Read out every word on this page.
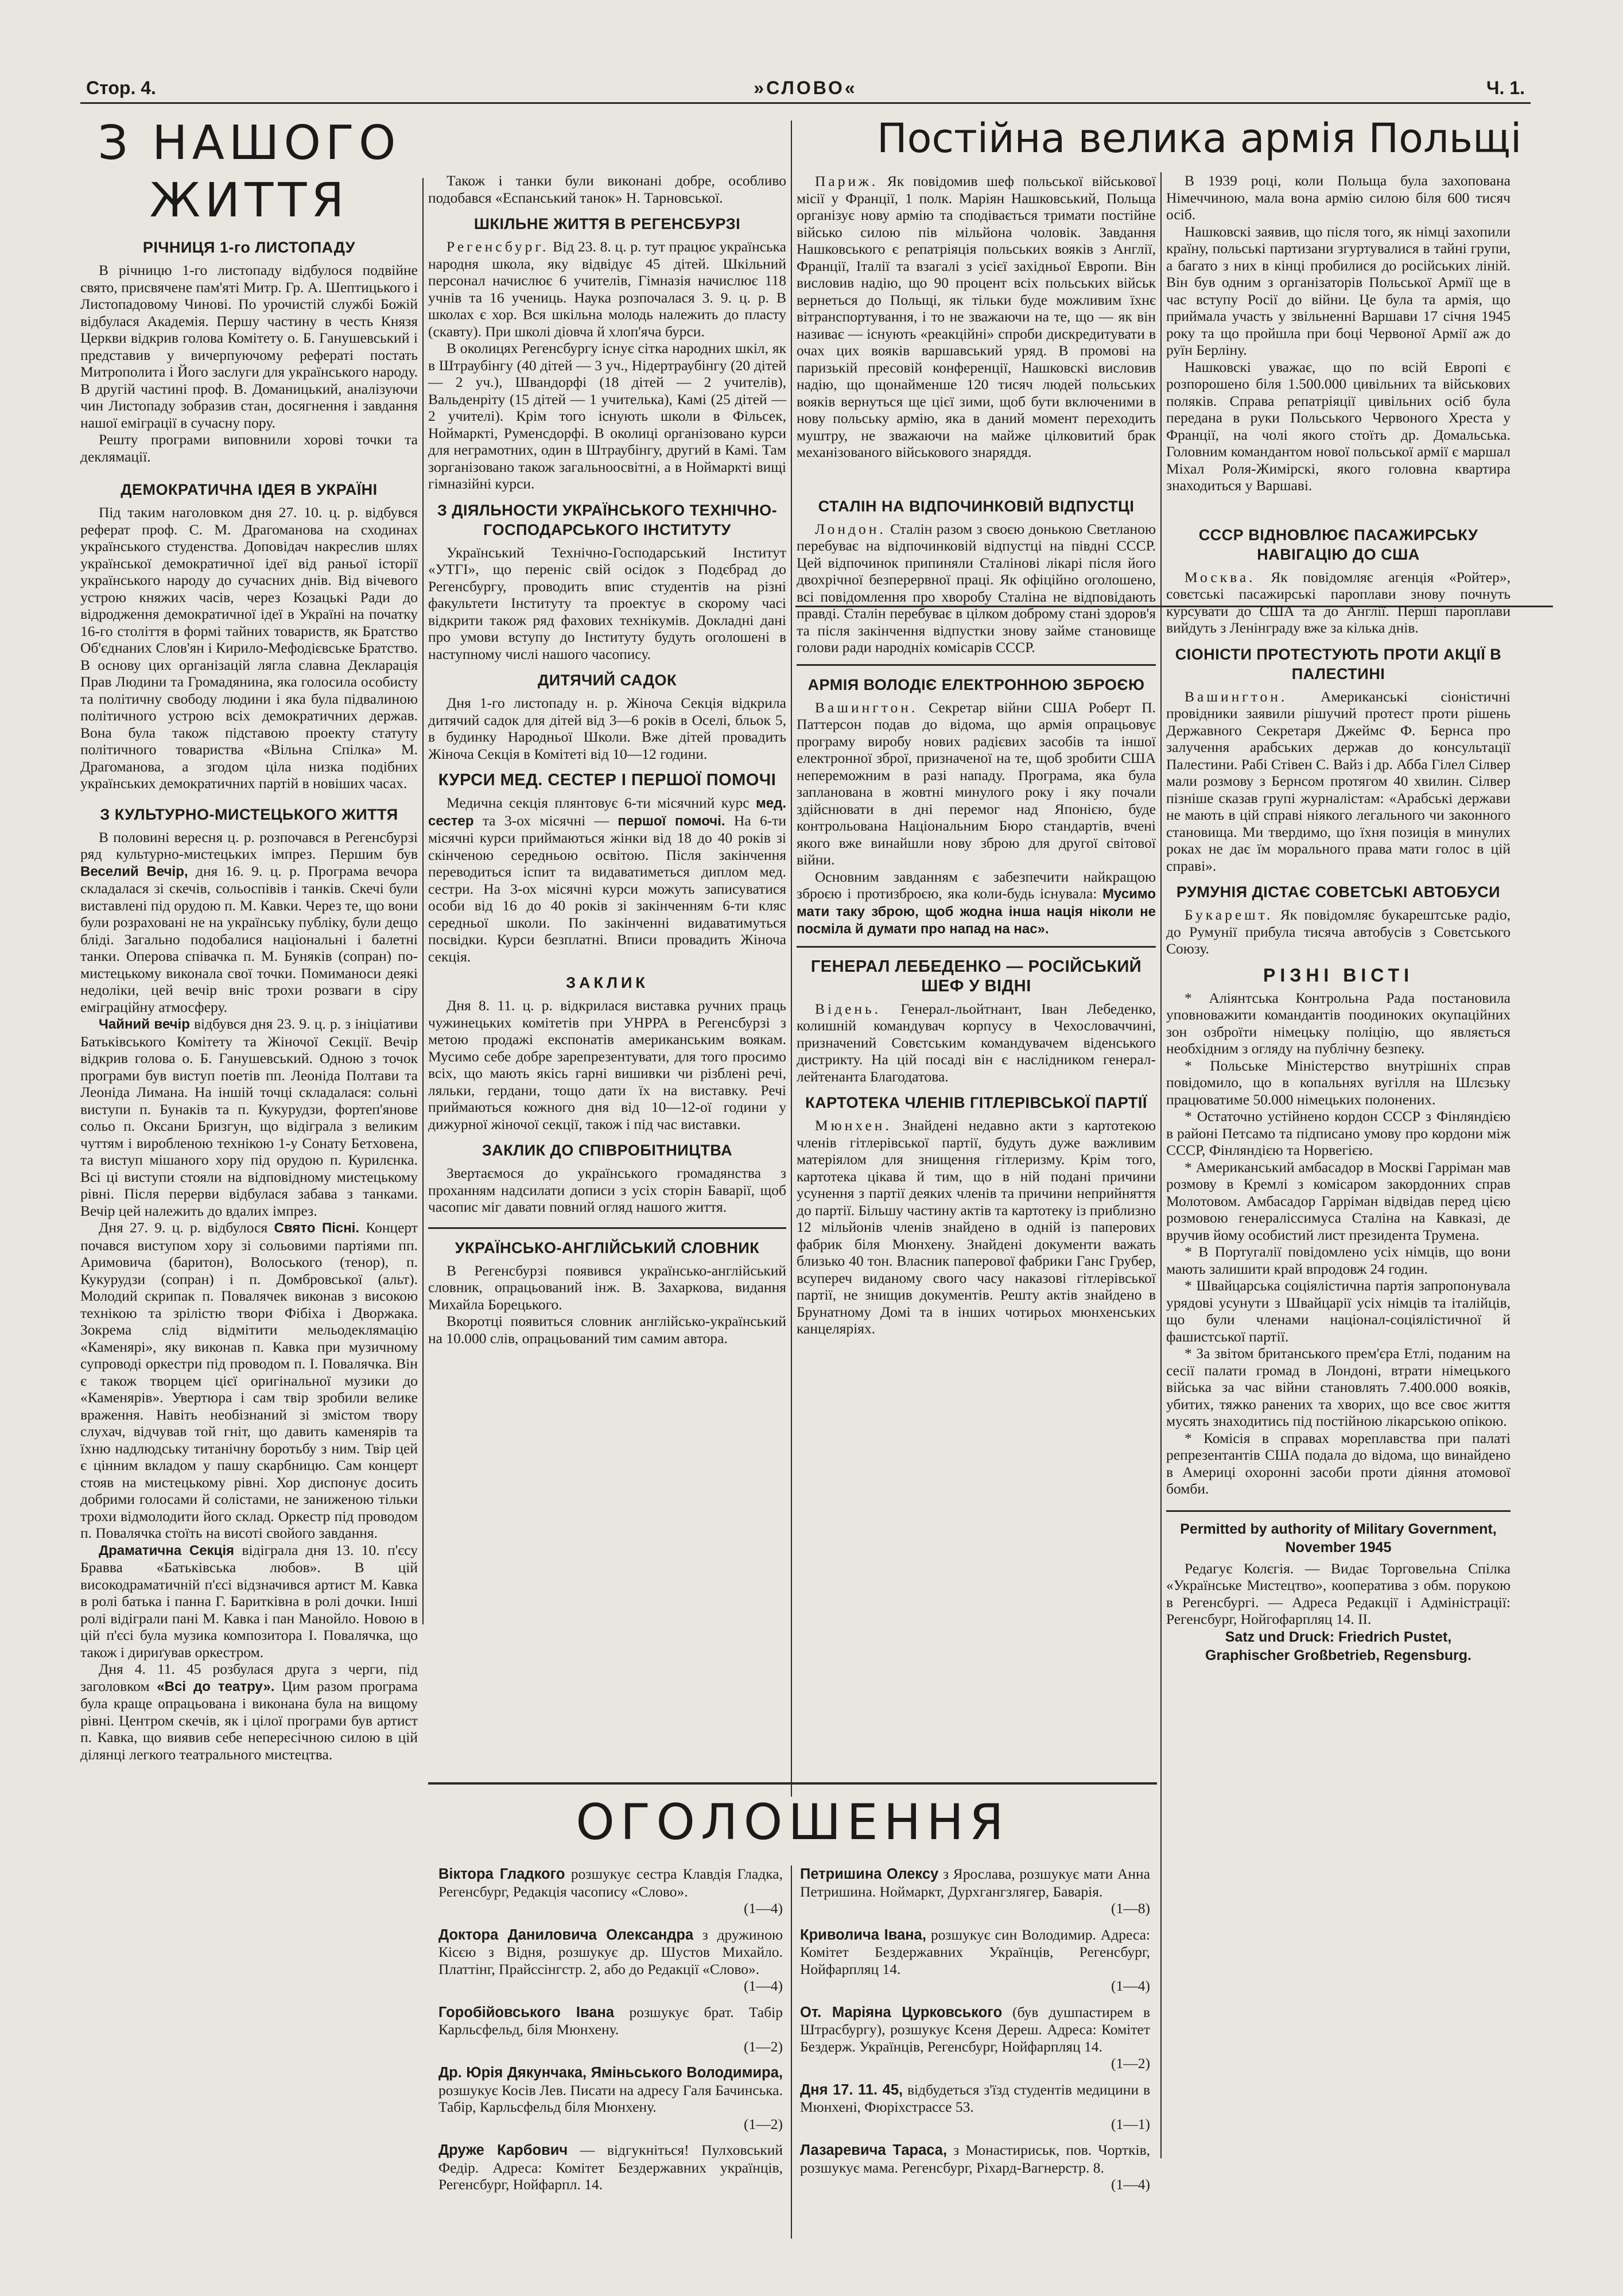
Стор. 4.	»СЛОВО«	Ч. 1.
З НАШОГО ЖИТТЯ
РІЧНИЦЯ 1-го ЛИСТОПАДУ

В річницю 1-го листопаду відбулося подвійне свято, присвячене пам'яті Митр. Гр. А. Шептицького і Листопадовому Чинові. По урочистій службі Божій відбулася Академія. Першу частину в честь Князя Церкви відкрив голова Комітету о. Б. Ганушевський і представив у вичерпуючому рефераті постать Митрополита і Його заслуги для українського народу. В другій частині проф. В. Доманицький, аналізуючи чин Листопаду зобразив стан, досягнення і завдання нашої еміграції в сучасну пору.

Решту програми виповнили хорові точки та деклямації.

ДЕМОКРАТИЧНА ІДЕЯ В УКРАЇНІ

Під таким наголовком дня 27. 10. ц. р. відбувся реферат проф. С. М. Драгоманова на сходинах українського студенства. Доповідач накреслив шлях української демократичної ідеї від раньої історії українського народу до сучасних днів. Від вічевого устрою княжих часів, через Козацькі Ради до відродження демократичної ідеї в Україні на початку 16-го століття в формі тайних товариств, як Братство Об'єднаних Слов'ян і Кирило-Мефодієвське Братство. В основу цих організацій лягла славна Декларація Прав Людини та Громадянина, яка голосила особисту та політичну свободу людини і яка була підвалиною політичного устрою всіх демократичних держав. Вона була також підставою проекту статуту політичного товариства «Вільна Спілка» М. Драгоманова, а згодом ціла низка подібних українських демократичних партій в новіших часах.

З КУЛЬТУРНО-МИСТЕЦЬКОГО ЖИТТЯ

В половині вересня ц. р. розпочався в Регенсбурзі ряд культурно-мистецьких імпрез. Першим був Веселий Вечір, дня 16. 9. ц. р. Програма вечора складалася зі скечів, сольоспівів і танків. Скечі були виставлені під орудою п. М. Кавки. Через те, що вони були розраховані не на українську публіку, були дещо бліді. Загально подобалися національні і балетні танки. Оперова співачка п. М. Буняків (сопран) по-мистецькому виконала свої точки. Помиманоси деякі недоліки, цей вечір вніс трохи розваги в сіру еміграційну атмосферу.

Чайний вечір відбувся дня 23. 9. ц. р. з ініціативи Батьківського Комітету та Жіночої Секції. Вечір відкрив голова о. Б. Ганушевський. Одною з точок програми був виступ поетів пп. Леоніда Полтави та Леоніда Лимана. На іншій точці складалася: сольні виступи п. Бунаків та п. Кукурудзи, фортеп'янове сольо п. Оксани Бризгун, що відіграла з великим чуттям і виробленою технікою 1-у Сонату Бетховена, та виступ мішаного хору під орудою п. Курилєнка. Всі ці виступи стояли на відповідному мистецькому рівні. Після перерви відбулася забава з танками. Вечір цей належить до вдалих імпрез.

Дня 27. 9. ц. р. відбулося Свято Пісні. Концерт почався виступом хору зі сольовими партіями пп. Аримовича (баритон), Волоського (тенор), п. Кукурудзи (сопран) і п. Домбровської (альт). Молодий скрипак п. Повалячек виконав з високою технікою та зрілістю твори Фібіха і Дворжака. Зокрема слід відмітити мельодеклямацію «Каменярі», яку виконав п. Кавка при музичному супроводі оркестри під проводом п. І. Повалячка. Він є також творцем цієї оригінальної музики до «Каменярів». Увертюра і сам твір зробили велике враження. Навіть необізнаний зі змістом твору слухач, відчував той гніт, що давить каменярів та їхню надлюдську титанічну боротьбу з ним. Твір цей є цінним вкладом у пашу скарбницю. Сам концерт стояв на мистецькому рівні. Хор диспонує досить добрими голосами й солістами, не заниженою тільки трохи відмолодити його склад. Оркестр під проводом п. Повалячка стоїть на висоті свойого завдання.

Драматична Секція відіграла дня 13. 10. п'єсу Бравва «Батьківська любов». В цій високодраматичній п'єсі відзначився артист М. Кавка в ролі батька і панна Г. Баритківна в ролі дочки. Інші ролі відіграли пані М. Кавка і пан Манойло. Новою в цій п'єсі була музика композитора І. Повалячка, що також і дириґував оркестром.

Дня 4. 11. 45 розбулася друга з черги, під заголовком «Всі до театру». Цим разом програма була краще опрацьована і виконана була на вищому рівні. Центром скечів, як і цілої програми був артист п. Кавка, що виявив себе непересічною силою в цій ділянці легкого театрального мистецтва.

Також і танки були виконані добре, особливо подобався «Еспанський танок» Н. Тарновської.

ШКІЛЬНЕ ЖИТТЯ В РЕГЕНСБУРЗІ

Регенсбург. Від 23. 8. ц. р. тут працює українська народня школа, яку відвідує 45 дітей. Шкільний персонал начислює 6 учителів, Гімназія начислює 118 учнів та 16 учениць. Наука розпочалася 3. 9. ц. р. В школах є хор. Вся шкільна молодь належить до пласту (скавту). При школі діовча й хлоп'яча бурси.

В околицях Регенсбургу існує сітка народних шкіл, як в Штраубінгу (40 дітей — 3 уч., Нідертраубінгу (20 дітей — 2 уч.), Швандорфі (18 дітей — 2 учителів), Вальденріту (15 дітей — 1 учителька), Камі (25 дітей — 2 учителі). Крім того існують школи в Фільсек, Ноймаркті, Руменсдорфі. В околиці організовано курси для неграмотних, один в Штраубінгу, другий в Камі. Там зорганізовано також загальноосвітні, а в Ноймаркті вищі гімназійні курси.

З ДІЯЛЬНОСТИ УКРАЇНСЬКОГО ТЕХНІЧНО-ГОСПОДАРСЬКОГО ІНСТИТУТУ

Український Технічно-Господарський Інститут «УТГІ», що переніс свій осідок з Подєбрад до Регенсбургу, проводить впис студентів на різні факультети Інституту та проектує в скорому часі відкрити також ряд фахових технікумів. Докладні дані про умови вступу до Інституту будуть оголошені в наступному числі нашого часопису.

ДИТЯЧИЙ САДОК

Дня 1-го листопаду н. р. Жіноча Секція відкрила дитячий садок для дітей від 3—6 років в Оселі, бльок 5, в будинку Народньої Школи. Вже дітей провадить Жіноча Секція в Комітеті від 10—12 години.

КУРСИ МЕД. СЕСТЕР І ПЕРШОЇ ПОМОЧІ

Медична секція плянтовує 6-ти місячний курс мед. сестер та 3-ох місячні — першої помочі. На 6-ти місячні курси приймаються жінки від 18 до 40 років зі скінченою середньою освітою. Після закінчення переводиться іспит та видаватиметься диплом мед. сестри. На 3-ох місячні курси можуть записуватися особи від 16 до 40 років зі закінченням 6-ти кляс середньої школи. По закінченні видаватимуться посвідки. Курси безплатні. Вписи провадить Жіноча секція.

ЗАКЛИК

Дня 8. 11. ц. р. відкрилася виставка ручних праць чужинецьких комітетів при УНРРА в Регенсбурзі з метою продажі експонатів американським воякам. Мусимо себе добре зарепрезентувати, для того просимо всіх, що мають якісь гарні вишивки чи різблені речі, ляльки, гердани, тощо дати їх на виставку. Речі приймаються кожного дня від 10—12-ої години у дижурної жіночої секції, також і під час виставки.

ЗАКЛИК ДО СПІВРОБІТНИЦТВА

Звертаємося до українського громадянства з проханням надсилати дописи з усіх сторін Баварії, щоб часопис міг давати повний огляд нашого життя.

УКРАЇНСЬКО-АНГЛІЙСЬКИЙ СЛОВНИК

В Регенсбурзі появився українсько-англійський словник, опрацьований інж. В. Захаркова, видання Михайла Борецького.

Вкоротці появиться словник англійсько-український на 10.000 слів, опрацьований тим самим автора.

Постійна велика армія Польщі

Париж. Як повідомив шеф польської військової місії у Франції, 1 полк. Маріян Нашковський, Польща організує нову армію та сподівається тримати постійне військо силою пів мільйона чоловік. Завдання Нашковського є репатріяція польських вояків з Англії, Франції, Італії та взагалі з усієї західньої Европи. Він висловив надію, що 90 процент всіх польських військ вернеться до Польщі, як тільки буде можливим їхнє вітранспортування, і то не зважаючи на те, що — як він називає — існують «реакційні» спроби дискредитувати в очах цих вояків варшавський уряд. В промові на паризькій пресовій конференції, Нашковскі висловив надію, що щонайменше 120 тисяч людей польських вояків вернуться ще цієї зими, щоб бути включеними в нову польську армію, яка в даний момент переходить муштру, не зважаючи на майже цілковитий брак механізованого військового знаряддя.

СТАЛІН НА ВІДПОЧИНКОВІЙ ВІДПУСТЦІ

Лондон. Сталін разом з своєю донькою Светланою перебуває на відпочинковій відпустці на півдні СССР. Цей відпочинок припиняли Сталінові лікарі після його двохрічної безперервної праці. Як офіційно оголошено, всі повідомлення про хворобу Сталіна не відповідають правді. Сталін перебуває в цілком доброму стані здоров'я та після закінчення відпустки знову займе становище голови ради народніх комісарів СССР.

АРМІЯ ВОЛОДІЄ ЕЛЕКТРОННОЮ ЗБРОЄЮ

Вашингтон. Секретар війни США Роберт П. Паттерсон подав до відома, що армія опрацьовує програму виробу нових радієвих засобів та іншої електронної зброї, призначеної на те, щоб зробити США непереможним в разі нападу. Програма, яка була запланована в жовтні минулого року і яку почали здійснювати в дні перемог над Японією, буде контрольована Національним Бюро стандартів, вчені якого вже винайшли нову зброю для другої світової війни.

Основним завданням є забезпечити найкращою зброєю і протизброєю, яка коли-будь існувала: Мусимо мати таку зброю, щоб жодна інша нація ніколи не посміла й думати про напад на нас».

ГЕНЕРАЛ ЛЕБЕДЕНКО — РОСІЙСЬКИЙ ШЕФ У ВІДНІ

Відень. Генерал-льойтнант, Іван Лебеденко, колишній командувач корпусу в Чехословаччині, призначений Совєтським командувачем віденського дистрикту. На цій посаді він є наслідником генерал-лейтенанта Благодатова.

КАРТОТЕКА ЧЛЕНІВ ГІТЛЕРІВСЬКОЇ ПАРТІЇ

Мюнхен. Знайдені недавно акти з картотекою членів гітлерівської партії, будуть дуже важливим матеріялом для знищення гітлеризму. Крім того, картотека цікава й тим, що в ній подані причини усунення з партії деяких членів та причини неприйняття до партії. Більшу частину актів та картотеку із приблизно 12 мільйонів членів знайдено в одній із паперових фабрик біля Мюнхену. Знайдені документи важать близько 40 тон. Власник паперової фабрики Ганс Грубер, всупереч виданому свого часу наказові гітлерівської партії, не знищив документів. Решту актів знайдено в Брунатному Домі та в інших чотирьох мюнхенських канцеляріях.

В 1939 році, коли Польща була захопована Німеччиною, мала вона армію силою біля 600 тисяч осіб.

Нашковскі заявив, що після того, як німці захопили країну, польські партизани згуртувалися в тайні групи, а багато з них в кінці пробилися до російських ліній. Він був одним з організаторів Польської Армії ще в час вступу Росії до війни. Це була та армія, що приймала участь у звільненні Варшави 17 січня 1945 року та що пройшла при боці Червоної Армії аж до руїн Берліну.

Нашковскі уважає, що по всій Европі є розпорошено біля 1.500.000 цивільних та військових поляків. Справа репатріяції цивільних осіб була передана в руки Польського Червоного Хреста у Франції, на чолі якого стоїть др. Домальська. Головним командантом нової польської армії є маршал Міхал Роля-Жимірскі, якого головна квартира знаходиться у Варшаві.

СССР ВІДНОВЛЮЄ ПАСАЖИРСЬКУ НАВІГАЦІЮ ДО США

Москва. Як повідомляє агенція «Ройтер», совєтські пасажирські пароплави знову почнуть курсувати до США та до Англії. Перші пароплави вийдуть з Ленінграду вже за кілька днів.

СІОНІСТИ ПРОТЕСТУЮТЬ ПРОТИ АКЦІЇ В ПАЛЕСТИНІ

Вашингтон. Американські сіоністичні провідники заявили рішучий протест проти рішень Державного Секретаря Джеймс Ф. Бернса про залучення арабських держав до консультації Палестини. Рабі Стівен С. Вайз і др. Абба Гілел Сілвер мали розмову з Бернсом протягом 40 хвилин. Сілвер пізніше сказав групі журналістам: «Арабські держави не мають в цій справі ніякого легального чи законного становища. Ми твердимо, що їхня позиція в минулих роках не дає їм морального права мати голос в цій справі».

РУМУНІЯ ДІСТАЄ СОВЕТСЬКІ АВТОБУСИ

Букарешт. Як повідомляє букарештське радіо, до Румунії прибула тисяча автобусів з Совєтського Союзу.

РІЗНІ ВІСТІ

* Аліянтська Контрольна Рада постановила уповноважити командантів поодиноких окупаційних зон озброїти німецьку поліцію, що являється необхідним з огляду на публічну безпеку.

* Польське Міністерство внутрішніх справ повідомило, що в копальнях вугілля на Шлєзьку працюватиме 50.000 німецьких полонених.

* Остаточно устійнено кордон СССР з Фінляндією в районі Петсамо та підписано умову про кордони між СССР, Фінляндією та Норвегією.

* Американський амбасадор в Москві Гарріман мав розмову в Кремлі з комісаром закордонних справ Молотовом. Амбасадор Гарріман відвідав перед цією розмовою генераліссимуса Сталіна на Кавказі, де вручив йому особистий лист президента Трумена.

* В Португалії повідомлено усіх німців, що вони мають залишити край впродовж 24 годин.

* Швайцарська соціялістична партія запропонувала урядові усунути з Швайцарії усіх німців та італійців, що були членами націонал-соціялістичної й фашистської партії.

* За звітом британського прем'єра Етлі, поданим на сесії палати громад в Лондоні, втрати німецького війська за час війни становлять 7.400.000 вояків, убитих, тяжко ранених та хворих, що все своє життя мусять знаходитись під постійною лікарською опікою.

* Комісія в справах мореплавства при палаті репрезентантів США подала до відома, що винайдено в Америці охоронні засоби проти діяння атомової бомби.

Permitted by authority of Military Government,
November 1945

Редагує Колєгія. — Видає Торговельна Спілка «Українське Мистецтво», кооператива з обм. порукою в Регенсбургі. — Адреса Редакції і Адміністрації: Регенсбург, Нойгофарпляц 14. II.

Satz und Druck: Friedrich Pustet,
Graphischer Großbetrieb, Regensburg.
ОГОЛОШЕННЯ
Віктора Гладкого розшукує сестра Клавдія Гладка, Регенсбург, Редакція часопису «Слово».
(1—4)
Доктора Даниловича Олександра з дружиною Кісєю з Відня, розшукує др. Шустов Михайло. Платтінг, Прайссінгстр. 2, або до Редакції «Слово».
(1—4)
Горобійовського Івана розшукує брат. Табір Карльсфельд, біля Мюнхену.
(1—2)
Др. Юрія Дякунчака, Яміньського Володимира, розшукує Косів Лев. Писати на адресу Галя Бачинська. Табір, Карльсфельд біля Мюнхену.
(1—2)
Друже Карбович — відгукніться! Пулховський Федір. Адреса: Комітет Бездержавних українців, Регенсбург, Нойфарпл. 14.
Петришина Олексу з Ярослава, розшукує мати Анна Петришина. Ноймаркт, Дурхгангзлягер, Баварія.
(1—8)
Криволича Івана, розшукує син Володимир. Адреса: Комітет Бездержавних Українців, Регенсбург, Нойфарпляц 14.
(1—4)
От. Маріяна Цурковського (був душпастирем в Штрасбургу), розшукує Ксеня Дереш. Адреса: Комітет Бездерж. Українців, Регенсбург, Нойфарпляц 14.
(1—2)
Дня 17. 11. 45, відбудеться з'їзд студентів медицини в Мюнхені, Фюріхстрассе 53.
(1—1)
Лазаревича Тараса, з Монастириськ, пов. Чортків, розшукує мама. Регенсбург, Ріхард-Вагнерстр. 8.
(1—4)
